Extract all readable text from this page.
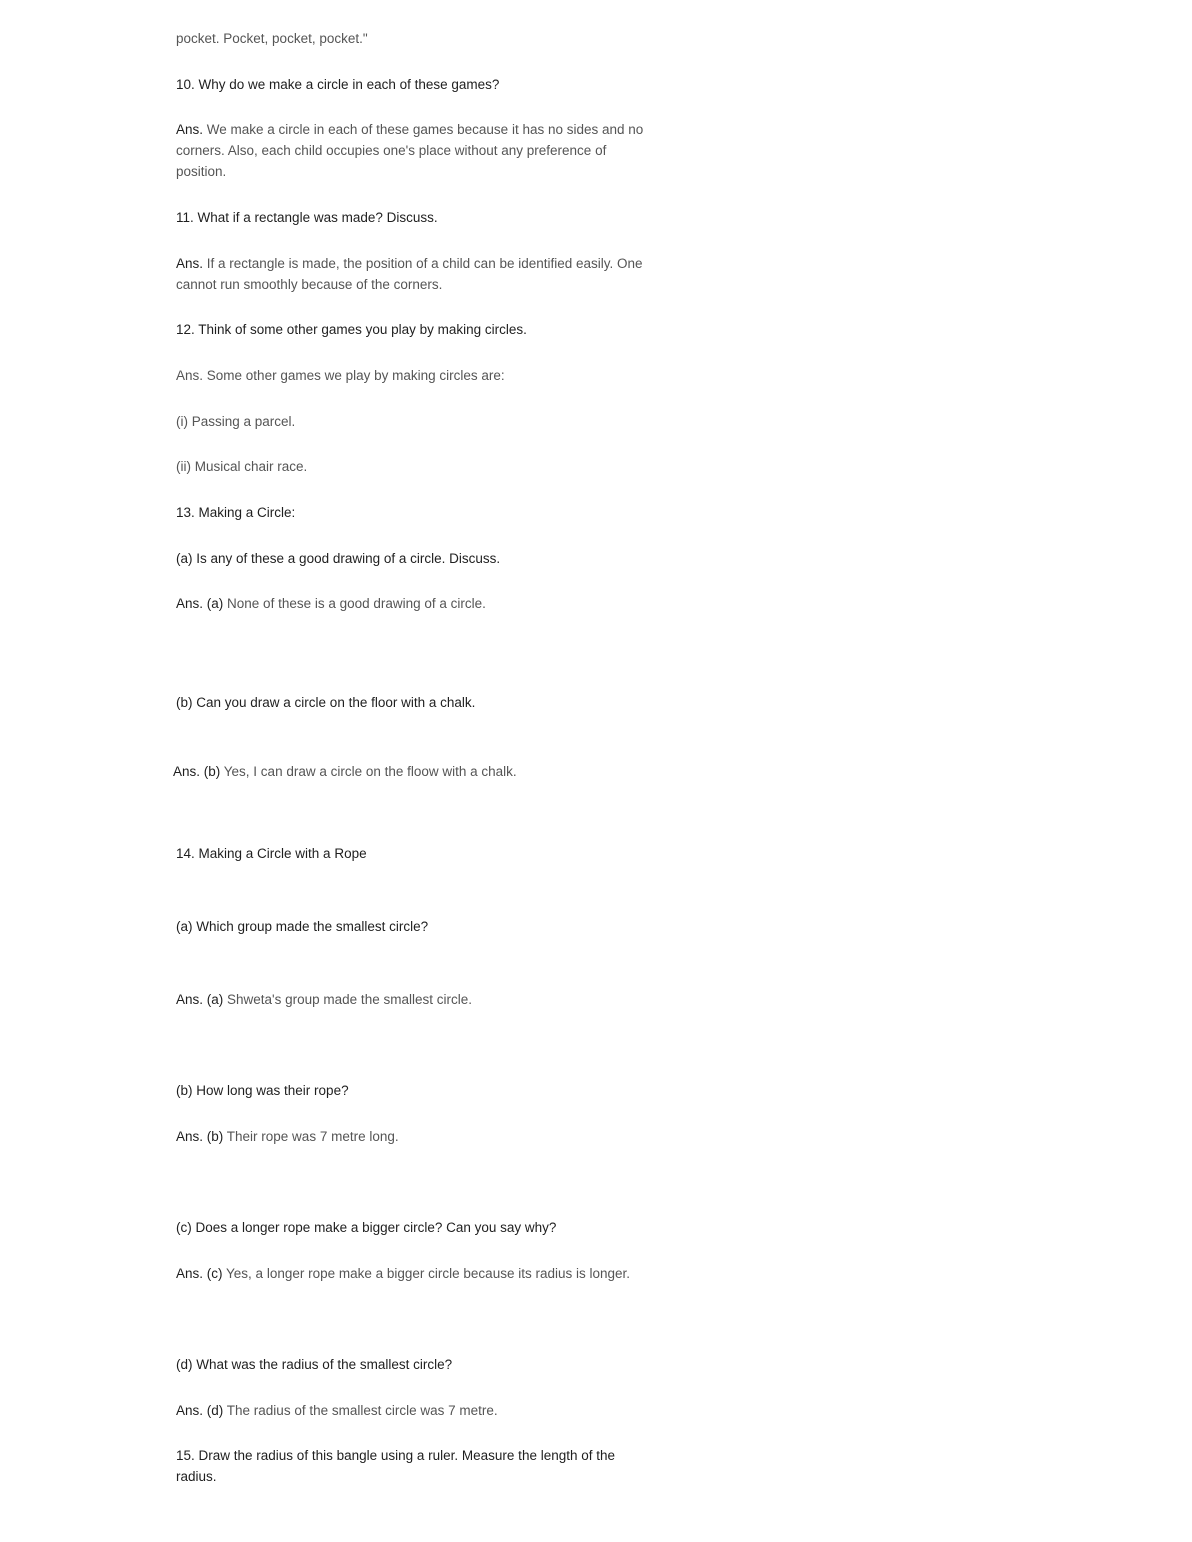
pocket. Pocket, pocket, pocket."
10. Why do we make a circle in each of these games?
Ans. We make a circle in each of these games because it has no sides and no
corners. Also, each child occupies one's place without any preference of
position.
11. What if a rectangle was made? Discuss.
Ans. If a rectangle is made, the position of a child can be identified easily. One
cannot run smoothly because of the corners.
12. Think of some other games you play by making circles.
Ans. Some other games we play by making circles are:
(i) Passing a parcel.
(ii) Musical chair race.
13. Making a Circle:
(a) Is any of these a good drawing of a circle. Discuss.
Ans. (a) None of these is a good drawing of a circle.
(b) Can you draw a circle on the floor with a chalk.
Ans. (b) Yes, I can draw a circle on the floow with a chalk.
14. Making a Circle with a Rope
(a) Which group made the smallest circle?
Ans. (a) Shweta's group made the smallest circle.
(b) How long was their rope?
Ans. (b) Their rope was 7 metre long.
(c) Does a longer rope make a bigger circle? Can you say why?
Ans. (c) Yes, a longer rope make a bigger circle because its radius is longer.
(d) What was the radius of the smallest circle?
Ans. (d) The radius of the smallest circle was 7 metre.
15. Draw the radius of this bangle using a ruler. Measure the length of the
radius.
